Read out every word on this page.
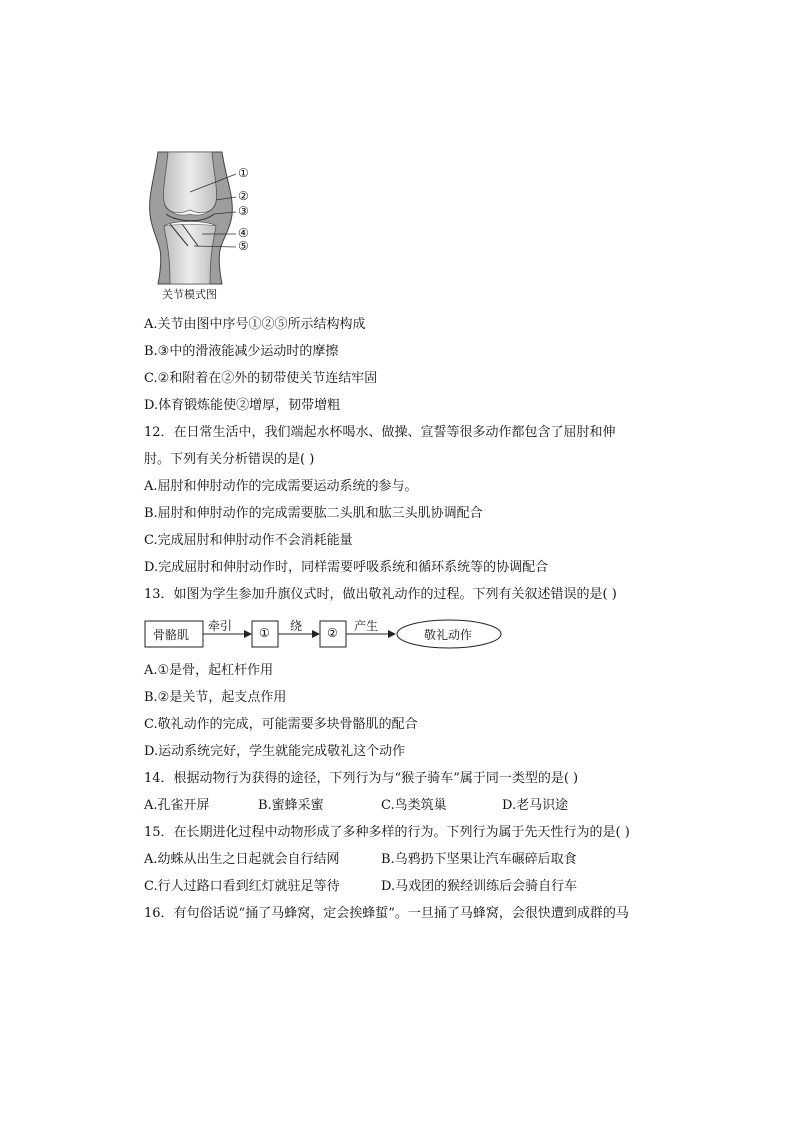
①
②
③
④
⑤
关节模式图
A.关节由图中序号①②⑤所示结构构成
B.③中的滑液能减少运动时的摩擦
C.②和附着在②外的韧带使关节连结牢固
D.体育锻炼能使②增厚，韧带增粗
12．在日常生活中，我们端起水杯喝水、做操、宣誓等很多动作都包含了屈肘和伸
肘。下列有关分析错误的是( )
A.屈肘和伸肘动作的完成需要运动系统的参与。
B.屈肘和伸肘动作的完成需要肱二头肌和肱三头肌协调配合
C.完成屈肘和伸肘动作不会消耗能量
D.完成屈肘和伸肘动作时，同样需要呼吸系统和循环系统等的协调配合
13．如图为学生参加升旗仪式时，做出敬礼动作的过程。下列有关叙述错误的是( )
骨骼肌
牵引 ① 绕 ② 产生
敬礼动作
A.①是骨，起杠杆作用
B.②是关节，起支点作用
C.敬礼动作的完成，可能需要多块骨骼肌的配合
D.运动系统完好，学生就能完成敬礼这个动作
14．根据动物行为获得的途径，下列行为与“猴子骑车”属于同一类型的是( )
A.孔雀开屏	B.蜜蜂采蜜	C.鸟类筑巢	D.老马识途
15．在长期进化过程中动物形成了多种多样的行为。下列行为属于先天性行为的是( )
A.幼蛛从出生之日起就会自行结网	B.乌鸦扔下坚果让汽车碾碎后取食
C.行人过路口看到红灯就驻足等待	D.马戏团的猴经训练后会骑自行车
16．有句俗话说“捅了马蜂窝，定会挨蜂蜇”。一旦捅了马蜂窝，会很快遭到成群的马
